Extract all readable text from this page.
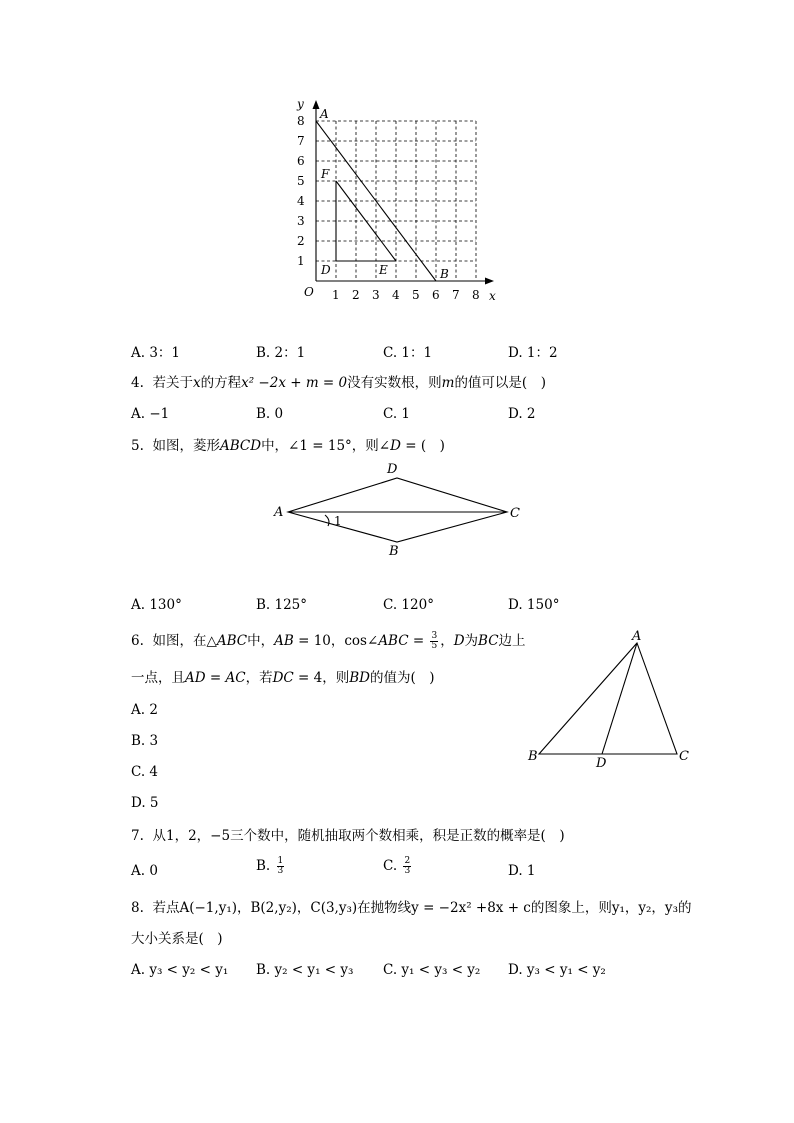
y
x
O
1
2
3
4
5
6
7
8
1 2 3 4 5 6 7 8
A
F
D	E	B
A. 3：1	B. 2：1	C. 1：1	D. 1：2
4. 若关于x的方程x² −2x + m = 0没有实数根，则m的值可以是(　)
A. −1	B. 0	C. 1	D. 2
5. 如图，菱形ABCD中，∠1 = 15°，则∠D = (　)
A
D
C
B
1
A. 130°	B. 125°	C. 120°	D. 150°
6. 如图，在△ABC中，AB = 10，cos∠ABC = $\frac{3}{5}$ ，D为BC边上
一点，且AD = AC，若DC = 4，则BD的值为(　)
A. 2
B. 3
C. 4
D. 5
A
B	C
D
7. 从1，2，−5三个数中，随机抽取两个数相乘，积是正数的概率是(　)
A. 0	B. $\frac{1}{3}$	C. $\frac{2}{3}$	D. 1
8. 若点A(−1,y₁)，B(2,y₂)，C(3,y₃)在抛物线y = −2x² +8x + c的图象上，则y₁，y₂，y₃的
大小关系是(　)
A. y₃ < y₂ < y₁ B. y₂ < y₁ < y₃ C. y₁ < y₃ < y₂ D. y₃ < y₁ < y₂
